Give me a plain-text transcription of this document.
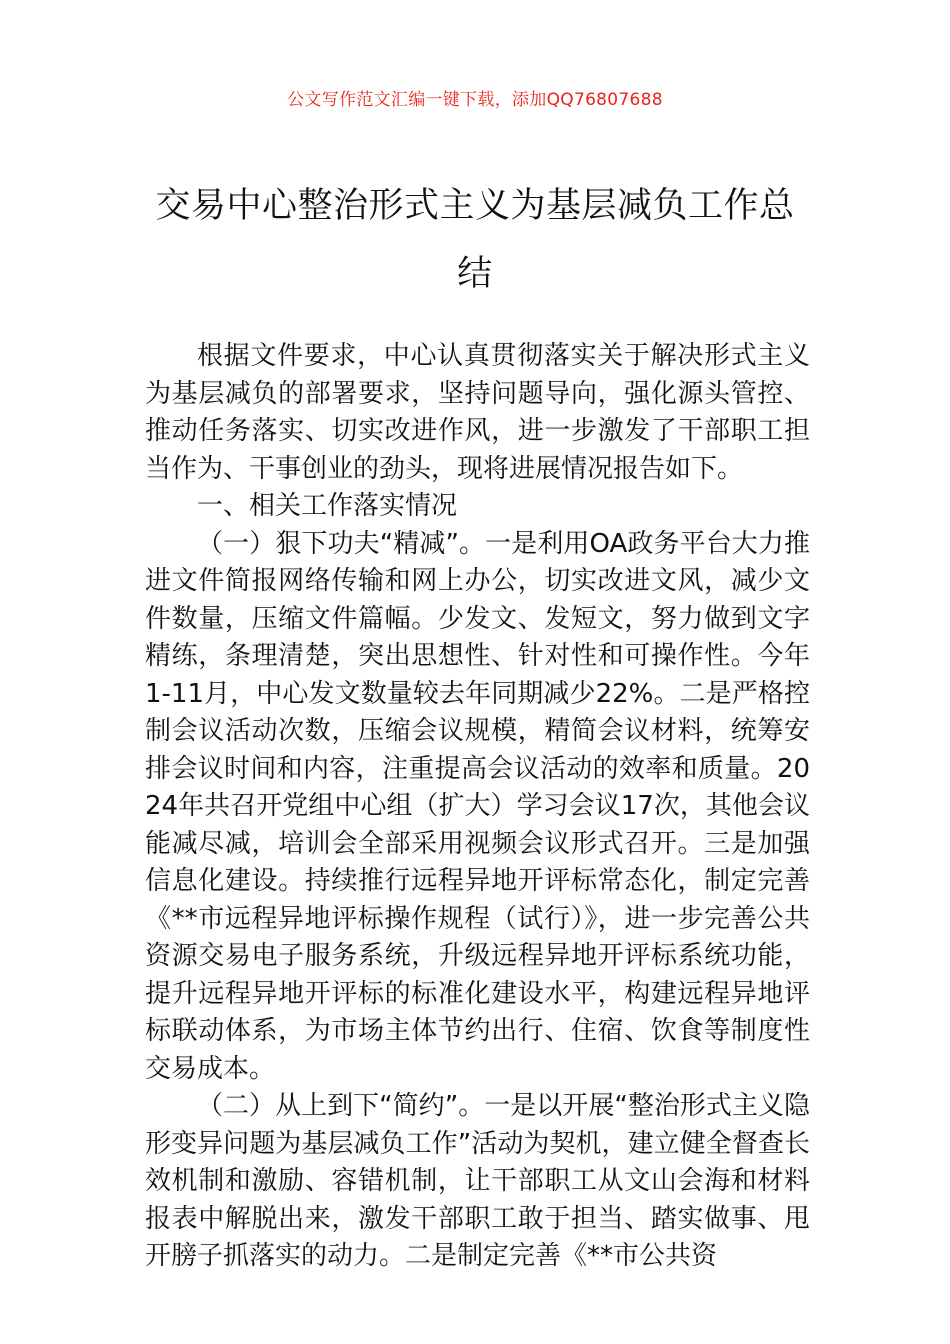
公文写作范文汇编一键下载，添加QQ76807688
交易中心整治形式主义为基层减负工作总结

根据文件要求，中心认真贯彻落实关于解决形式主义为基层减负的部署要求，坚持问题导向，强化源头管控、推动任务落实、切实改进作风，进一步激发了干部职工担当作为、干事创业的劲头，现将进展情况报告如下。

一、相关工作落实情况

（一）狠下功夫“精减”。一是利用OA政务平台大力推进文件简报网络传输和网上办公，切实改进文风，减少文件数量，压缩文件篇幅。少发文、发短文，努力做到文字精练，条理清楚，突出思想性、针对性和可操作性。今年1-11月，中心发文数量较去年同期减少22%。二是严格控制会议活动次数，压缩会议规模，精简会议材料，统筹安排会议时间和内容，注重提高会议活动的效率和质量。2024年共召开党组中心组（扩大）学习会议17次，其他会议能减尽减，培训会全部采用视频会议形式召开。三是加强信息化建设。持续推行远程异地开评标常态化，制定完善《**市远程异地评标操作规程（试行）》，进一步完善公共资源交易电子服务系统，升级远程异地开评标系统功能，提升远程异地开评标的标准化建设水平，构建远程异地评标联动体系，为市场主体节约出行、住宿、饮食等制度性交易成本。

（二）从上到下“简约”。一是以开展“整治形式主义隐形变异问题为基层减负工作”活动为契机，建立健全督查长效机制和激励、容错机制，让干部职工从文山会海和材料报表中解脱出来，激发干部职工敢于担当、踏实做事、甩开膀子抓落实的动力。二是制定完善《**市公共资
